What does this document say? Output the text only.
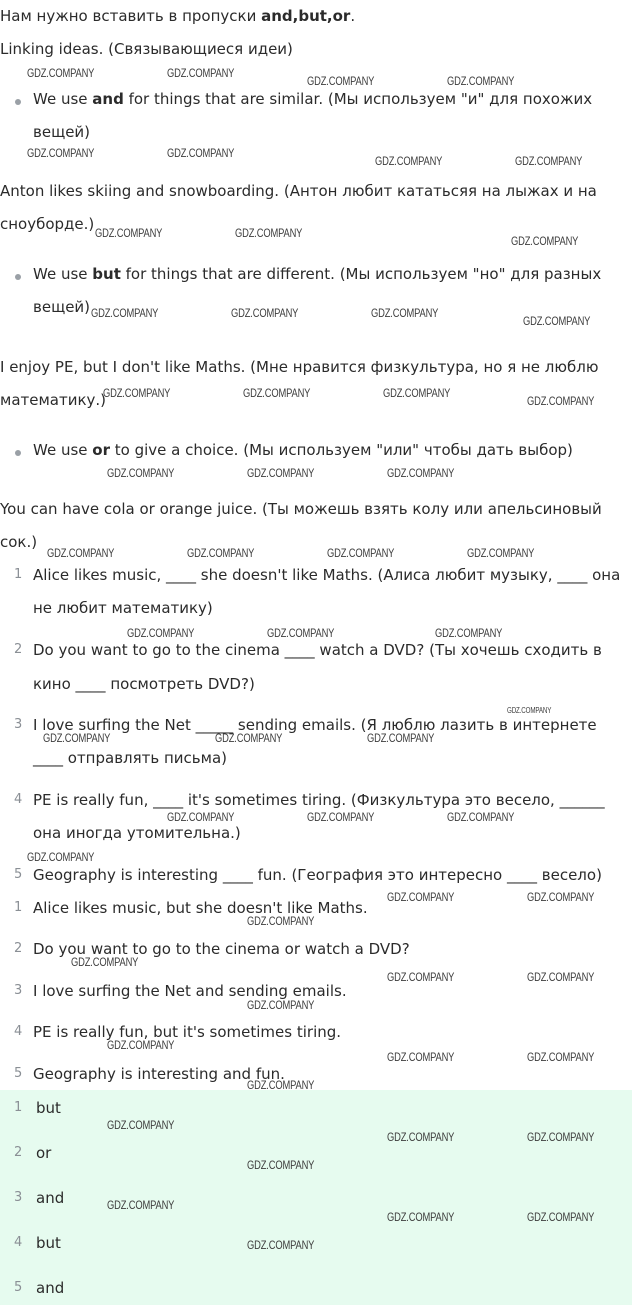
Нам нужно вставить в пропуски and,but,or.
Linking ideas. (Связывающиеся идеи)
We use and for things that are similar. (Мы используем "и" для похожих
вещей)
Anton likes skiing and snowboarding. (Антон любит катaтьсяя на лыжах и на
сноуборде.)
We use but for things that are different. (Мы используем "но" для разных
вещей)
I enjoy PE, but I don't like Maths. (Мне нравится физкультура, но я не люблю
математику.)
We use or to give a choice. (Мы используем "или" чтобы дать выбор)
You can have cola or orange juice. (Ты можешь взять колу или апельсиновый
сок.)
1 Alice likes music, ____ she doesn't like Maths. (Алиса любит музыку, ____ она
не любит математику)
2 Do you want to go to the cinema ____ watch a DVD? (Ты хочешь сходить в
кино ____ посмотреть DVD?)
3 I love surfing the Net _____ sending emails. (Я люблю лазить в интернете
____ отправлять письма)
4 PE is really fun, ____ it's sometimes tiring. (Физкультура это весело, ______
она иногда утомительна.)
5 Geography is interesting ____ fun. (География это интересно ____ весело)
1 Alice likes music, but she doesn't like Maths.
2 Do you want to go to the cinema or watch a DVD?
3 I love surfing the Net and sending emails.
4 PE is really fun, but it's sometimes tiring.
5 Geography is interesting and fun.
1 but
2 or
3 and
4 but
5 and
GDZ.COMPANY	GDZ.COMPANY
GDZ.COMPANY	GDZ.COMPANY
GDZ.COMPANY	GDZ.COMPANY
GDZ.COMPANY	GDZ.COMPANY
GDZ.COMPANY	GDZ.COMPANY
GDZ.COMPANY
GDZ.COMPANY	GDZ.COMPANY	GDZ.COMPANY
GDZ.COMPANY
GDZ.COMPANY	GDZ.COMPANY	GDZ.COMPANY
GDZ.COMPANY
GDZ.COMPANY	GDZ.COMPANY	GDZ.COMPANY
GDZ.COMPANY	GDZ.COMPANY	GDZ.COMPANY	GDZ.COMPANY
GDZ.COMPANY	GDZ.COMPANY	GDZ.COMPANY
GDZ.COMPANY
GDZ.COMPANY	GDZ.COMPANY	GDZ.COMPANY
GDZ.COMPANY	GDZ.COMPANY	GDZ.COMPANY
GDZ.COMPANY
GDZ.COMPANY	GDZ.COMPANY
GDZ.COMPANY
GDZ.COMPANY
GDZ.COMPANY	GDZ.COMPANY
GDZ.COMPANY
GDZ.COMPANY
GDZ.COMPANY	GDZ.COMPANY
GDZ.COMPANY
GDZ.COMPANY
GDZ.COMPANY	GDZ.COMPANY
GDZ.COMPANY
GDZ.COMPANY
GDZ.COMPANY	GDZ.COMPANY
GDZ.COMPANY
